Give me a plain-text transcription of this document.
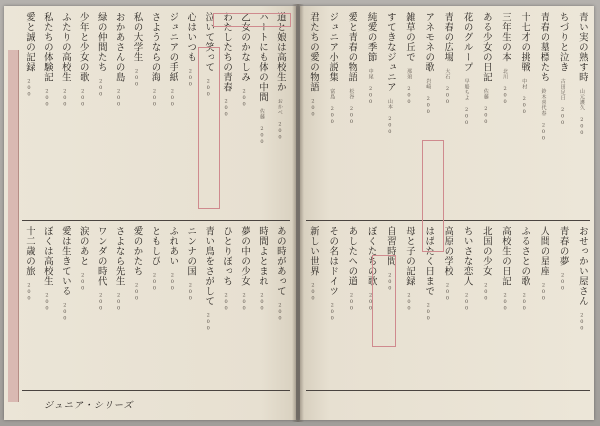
道と娘は高校生か おかべ 200
ハートにも体の中間 佐藤 200
乙女のかなしみ 200
わたしたちの青春 200
泣いて笑って 200
心はいつも 200
ジュニアの手紙 200
さようならの海 200
私の大学生 200
おかあさんの島 200
緑の仲間たち 200
少年と少女の歌 200
ふたりの高校生 200
私たちの体験記 200
愛と誠の記録 200
あの時があって 200
時間よとまれ 200
夢の中の少女 200
ひとりぼっち 200
青い鳥をさがして 200
ニンナの国 200
ふれあい 200
ともしび 200
愛のかたち 200
さよなら先生 200
ワンダの時代 200
涙のあと 200
愛は生きている 200
ぼくは高校生 200
十二歳の旅 200
ジュニア・シリーズ
青い実の熟す時 山元護久 200
ちづりと泣き 古田足日 200
青春の墓標たち 鈴木喜代春 200
十七才の挑戦 中村 200
三年生の本 北川 200
ある少女の日記 佐藤 200
花のグループ 早船ちよ 200
青春の広場 大石 200
アネモネの歌 岩崎 200
雑草の丘で 那須 200
すてきなジュニア 山本 200
純愛の季節 中尾 200
愛と青春の物語 松谷 200
ジュニア小説集 富島 200
君たちの愛の物語 200
おせっかい屋さん 200
青春の夢 200
人間の星座 200
ふるさとの歌 200
高校生の日記 200
北国の少女 200
ちいさな恋人 200
高原の学校 200
はばたく日まで 200
母と子の記録 200
自習時間 200
ぼくたちの歌 200
あしたへの道 200
その名はドイツ 200
新しい世界 200
